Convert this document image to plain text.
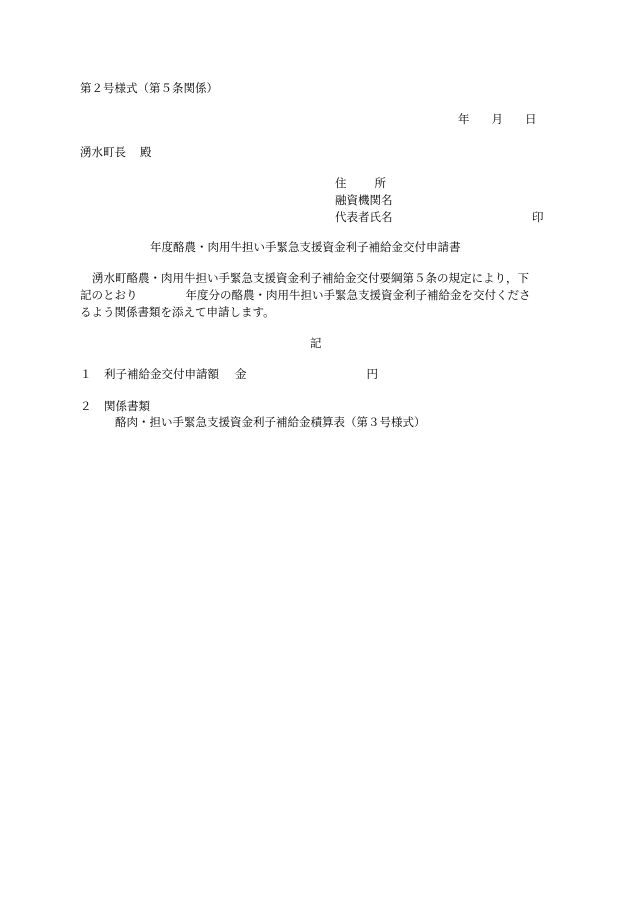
第２号様式（第５条関係）
年 月 日
湧水町長 殿
住 所
融資機関名
代表者氏名	印
年度酪農・肉用牛担い手緊急支援資金利子補給金交付申請書

湧水町酪農・肉用牛担い手緊急支援資金利子補給金交付要綱第５条の規定により，下

記のとおり	年度分の酪農・肉用牛担い手緊急支援資金利子補給金を交付くださ

るよう関係書類を添えて申請します。

記
１ 利子補給金交付申請額 金	円
２ 関係書類
酪肉・担い手緊急支援資金利子補給金積算表（第３号様式）
